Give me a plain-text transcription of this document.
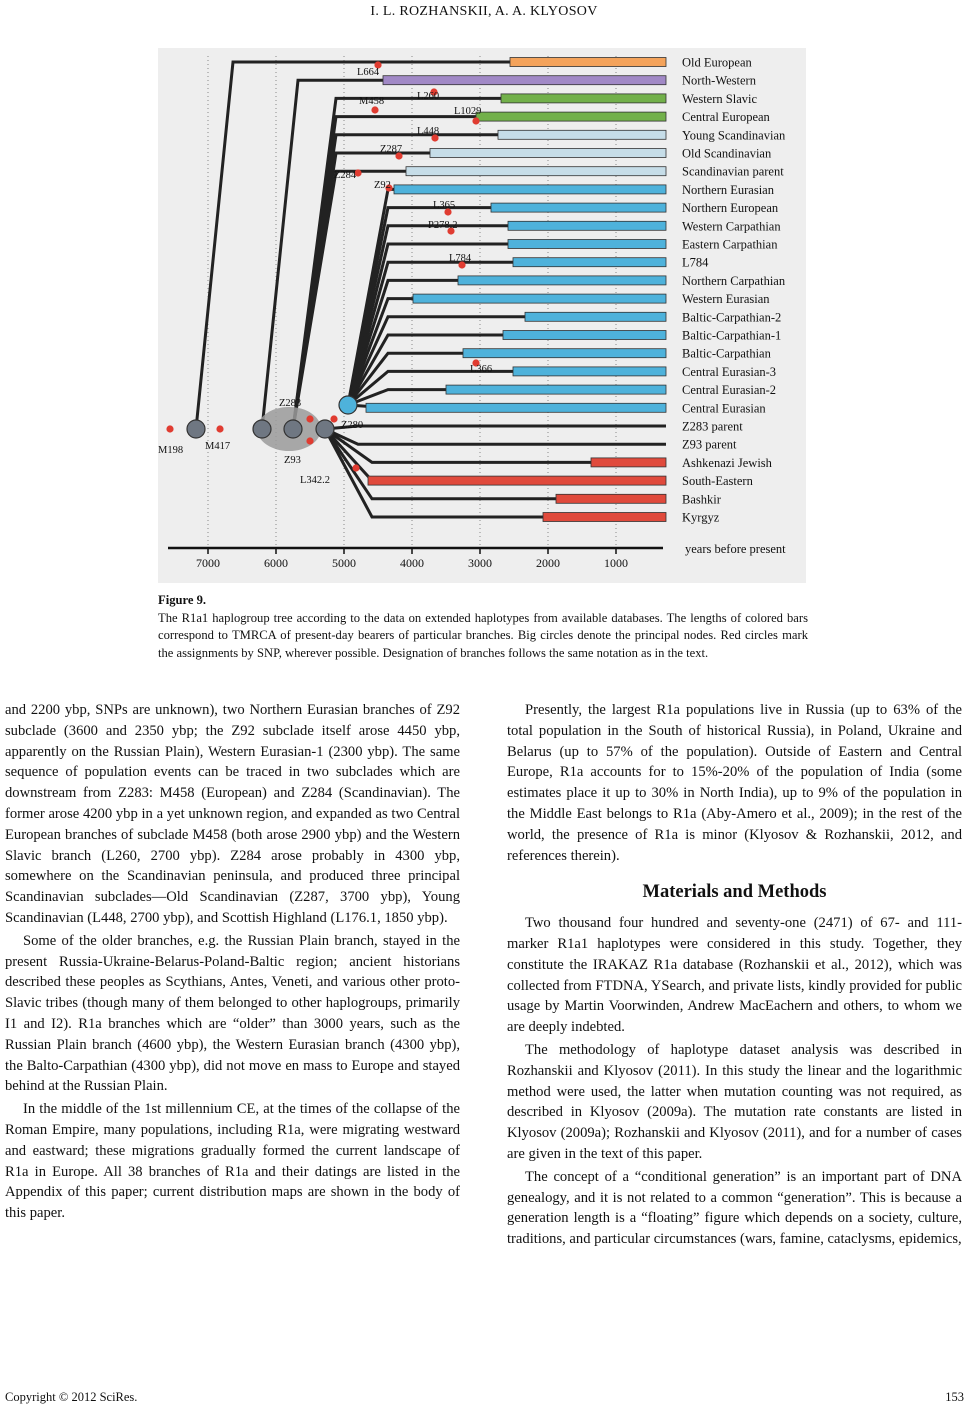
I. L. ROZHANSKII, A. A. KLYOSOV
Old European
North-Western
Western Slavic
Central European
Young Scandinavian
Old Scandinavian
Scandinavian parent
Northern Eurasian
Northern European
Western Carpathian
Eastern Carpathian
L784
Northern Carpathian
Western Eurasian
Baltic-Carpathian-2
Baltic-Carpathian-1
Baltic-Carpathian
Central Eurasian-3
Central Eurasian-2
Central Eurasian
Z283 parent
Z93 parent
Ashkenazi Jewish
South-Eastern
Bashkir
Kyrgyz
L664
M458	L260
L1029
L448
Z287
Z284
Z92
L365
P278.2
L784
L366
Z283
Z280
M198 M417
Z93
L342.2
7000	6000	5000	4000	3000	2000	1000
years before present
Figure 9.
The R1a1 haplogroup tree according to the data on extended haplotypes from available databases. The lengths of colored bars correspond to TMRCA of present-day bearers of particular branches. Big circles denote the principal nodes. Red circles mark the assignments by SNP, wherever possible. Designation of branches follows the same notation as in the text.

and 2200 ybp, SNPs are unknown), two Northern Eurasian branches of Z92 subclade (3600 and 2350 ybp; the Z92 subclade itself arose 4450 ybp, apparently on the Russian Plain), Western Eurasian-1 (2300 ybp). The same sequence of population events can be traced in two subclades which are downstream from Z283: M458 (European) and Z284 (Scandinavian). The former arose 4200 ybp in a yet unknown region, and expanded as two Central European branches of subclade M458 (both arose 2900 ybp) and the Western Slavic branch (L260, 2700 ybp). Z284 arose probably in 4300 ybp, somewhere on the Scandinavian peninsula, and produced three principal Scandinavian subclades—Old Scandinavian (Z287, 3700 ybp), Young Scandinavian (L448, 2700 ybp), and Scottish Highland (L176.1, 1850 ybp).

Some of the older branches, e.g. the Russian Plain branch, stayed in the present Russia-Ukraine-Belarus-Poland-Baltic region; ancient historians described these peoples as Scythians, Antes, Veneti, and various other proto-Slavic tribes (though many of them belonged to other haplogroups, primarily I1 and I2). R1a branches which are “older” than 3000 years, such as the Russian Plain branch (4600 ybp), the Western Eurasian branch (4300 ybp), the Balto-Carpathian (4300 ybp), did not move en mass to Europe and stayed behind at the Russian Plain.

In the middle of the 1st millennium CE, at the times of the collapse of the Roman Empire, many populations, including R1a, were migrating westward and eastward; these migrations gradually formed the current landscape of R1a in Europe. All 38 branches of R1a and their datings are listed in the Appendix of this paper; current distribution maps are shown in the body of this paper.

Presently, the largest R1a populations live in Russia (up to 63% of the total population in the South of historical Russia), in Poland, Ukraine and Belarus (up to 57% of the population). Outside of Eastern and Central Europe, R1a accounts for to 15%-20% of the population of India (some estimates place it up to 30% in North India), up to 9% of the population in the Middle East belongs to R1a (Aby-Amero et al., 2009); in the rest of the world, the presence of R1a is minor (Klyosov & Rozhanskii, 2012, and references therein).

Materials and Methods

Two thousand four hundred and seventy-one (2471) of 67- and 111-marker R1a1 haplotypes were considered in this study. Together, they constitute the IRAKAZ R1a database (Rozhanskii et al., 2012), which was collected from FTDNA, YSearch, and private lists, kindly provided for public usage by Martin Voorwinden, Andrew MacEachern and others, to whom we are deeply indebted.

The methodology of haplotype dataset analysis was described in Rozhanskii and Klyosov (2011). In this study the linear and the logarithmic method were used, the latter when mutation counting was not required, as described in Klyosov (2009a). The mutation rate constants are listed in Klyosov (2009a); Rozhanskii and Klyosov (2011), and for a number of cases are given in the text of this paper.

The concept of a “conditional generation” is an important part of DNA genealogy, and it is not related to a common “generation”. This is because a generation length is a “floating” figure which depends on a society, culture, traditions, and particular circumstances (wars, famine, cataclysms, epidemics,

Copyright © 2012 SciRes.	153
